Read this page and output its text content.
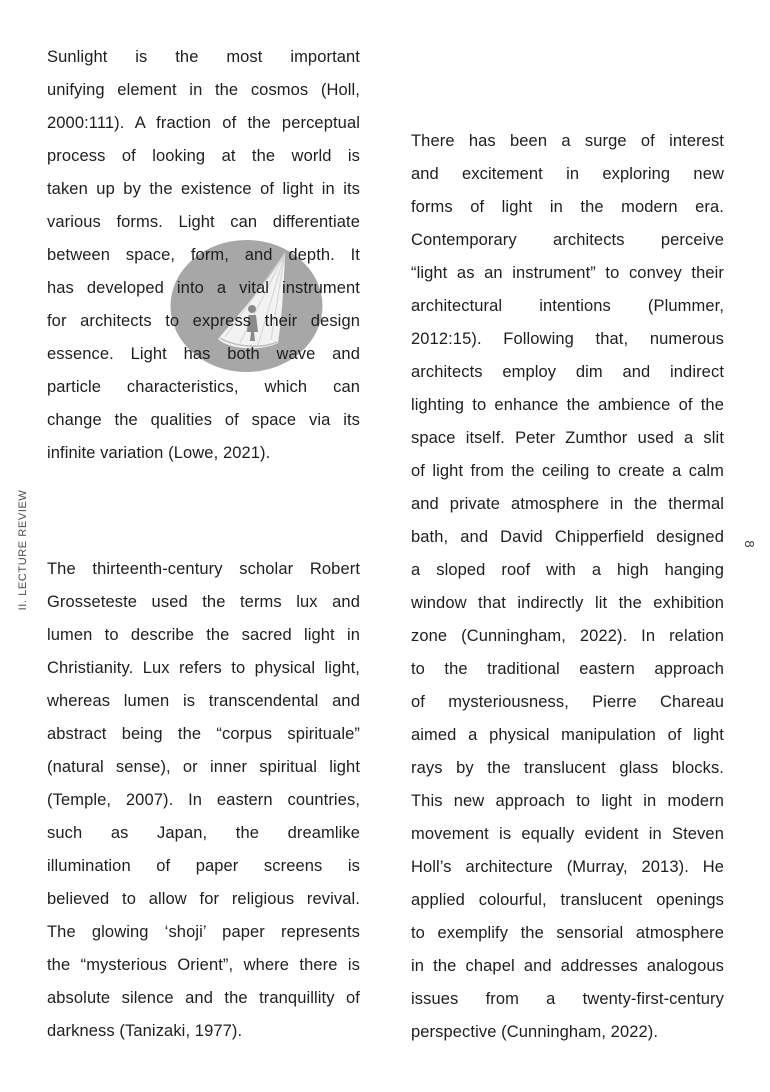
II. LECTURE REVIEW
Sunlight is the most important
unifying element in the cosmos (Holl,
2000:111). A fraction of the perceptual
process of looking at the world is
taken up by the existence of light in its
various forms. Light can differentiate
between space, form, and depth. It
has developed into a vital instrument
for architects to express their design
essence. Light has both wave and
particle characteristics, which can
change the qualities of space via its
infinite variation (Lowe, 2021).
The thirteenth-century scholar Robert
Grosseteste used the terms lux and
lumen to describe the sacred light in
Christianity. Lux refers to physical light,
whereas lumen is transcendental and
abstract being the “corpus spirituale”
(natural sense), or inner spiritual light
(Temple, 2007). In eastern countries,
such as Japan, the dreamlike
illumination of paper screens is
believed to allow for religious revival.
The glowing ‘shoji’ paper represents
the “mysterious Orient”, where there is
absolute silence and the tranquillity of
darkness (Tanizaki, 1977).
There has been a surge of interest
and excitement in exploring new
forms of light in the modern era.
Contemporary architects perceive
“light as an instrument” to convey their
architectural intentions (Plummer,
2012:15). Following that, numerous
architects employ dim and indirect
lighting to enhance the ambience of the
space itself. Peter Zumthor used a slit
of light from the ceiling to create a calm
and private atmosphere in the thermal
bath, and David Chipperfield designed
a sloped roof with a high hanging
window that indirectly lit the exhibition
zone (Cunningham, 2022). In relation
to the traditional eastern approach
of mysteriousness, Pierre Chareau
aimed a physical manipulation of light
rays by the translucent glass blocks.
This new approach to light in modern
movement is equally evident in Steven
Holl’s architecture (Murray, 2013). He
applied colourful, translucent openings
to exemplify the sensorial atmosphere
in the chapel and addresses analogous
issues from a twenty-first-century
perspective (Cunningham, 2022).
8
